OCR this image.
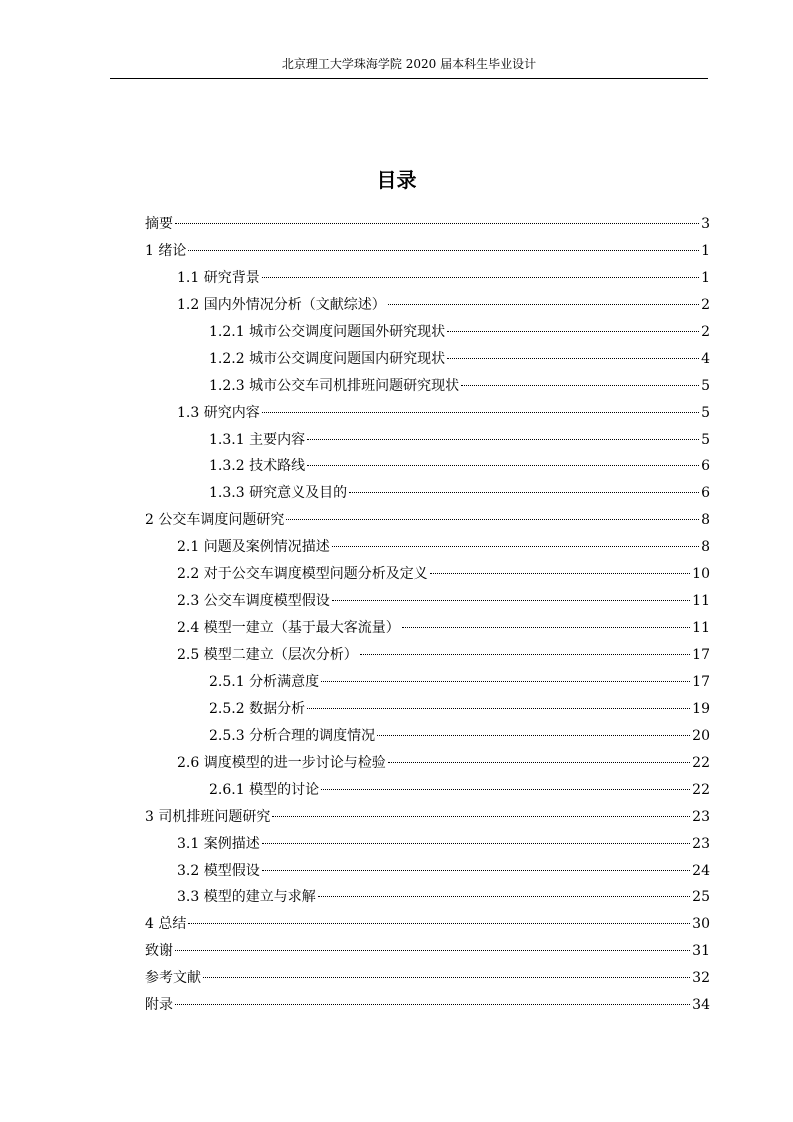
北京理工大学珠海学院 2020 届本科生毕业设计
目录
摘要	3
1 绪论	1
1.1 研究背景	1
1.2 国内外情况分析（文献综述）	2
1.2.1 城市公交调度问题国外研究现状	2
1.2.2 城市公交调度问题国内研究现状	4
1.2.3 城市公交车司机排班问题研究现状	5
1.3 研究内容	5
1.3.1 主要内容	5
1.3.2 技术路线	6
1.3.3 研究意义及目的	6
2 公交车调度问题研究	8
2.1 问题及案例情况描述	8
2.2 对于公交车调度模型问题分析及定义	10
2.3 公交车调度模型假设	11
2.4 模型一建立（基于最大客流量）	11
2.5 模型二建立（层次分析）	17
2.5.1 分析满意度	17
2.5.2 数据分析	19
2.5.3 分析合理的调度情况	20
2.6 调度模型的进一步讨论与检验	22
2.6.1 模型的讨论	22
3 司机排班问题研究	23
3.1 案例描述	23
3.2 模型假设	24
3.3 模型的建立与求解	25
4 总结	30
致谢	31
参考文献	32
附录	34
